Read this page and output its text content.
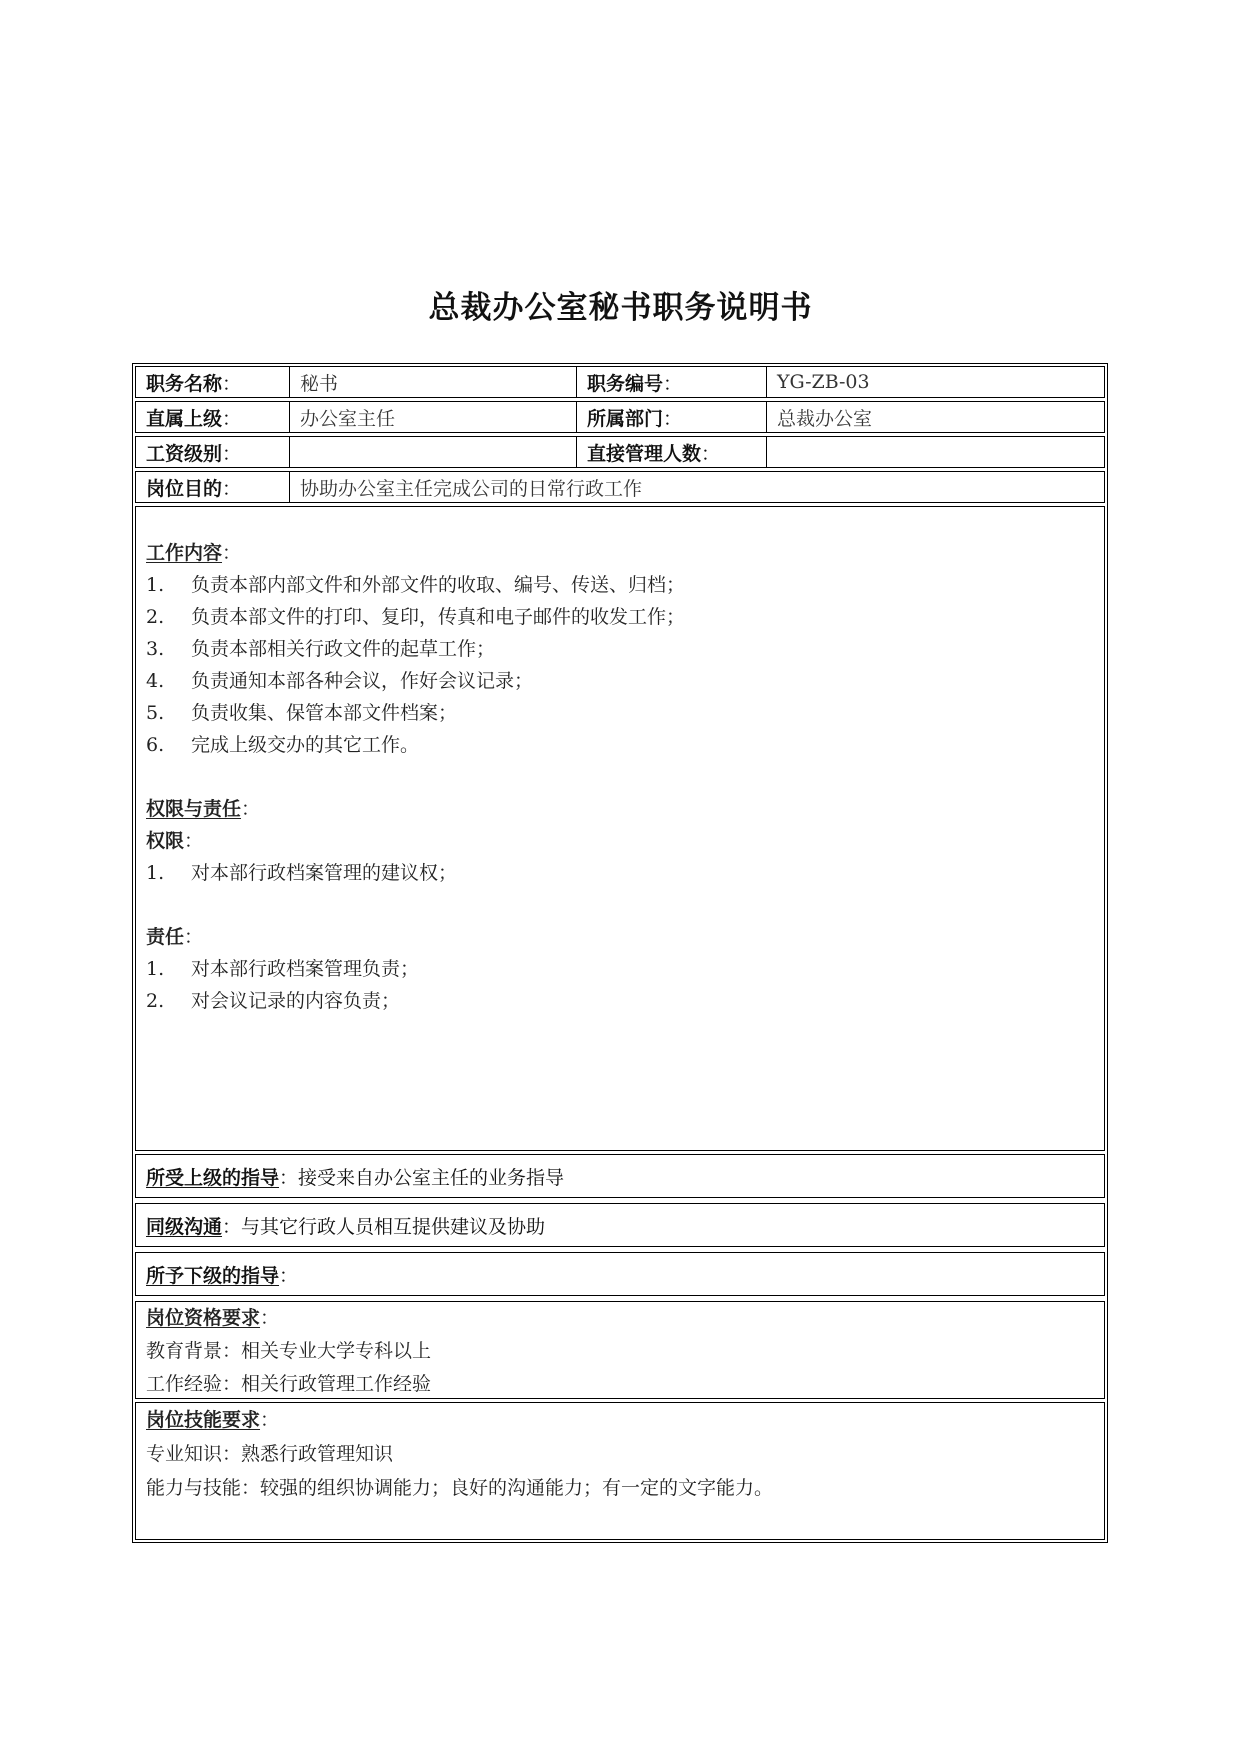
总裁办公室秘书职务说明书
职务名称 ：	秘书	职务编号 ：	YG-ZB-03
直属上级 ：	办公室主任	所属部门 ：	总裁办公室
工资级别 ：	直接管理人数 ：
岗位目的 ：	协助办公室主任完成公司的日常行政工作
工作内容：
1. 负责本部内部文件和外部文件的收取、编号、传送、归档；
2. 负责本部文件的打印、复印，传真和电子邮件的收发工作；
3. 负责本部相关行政文件的起草工作；
4. 负责通知本部各种会议，作好会议记录；
5. 负责收集、保管本部文件档案；
6. 完成上级交办的其它工作。
权限与责任：
权限：
1. 对本部行政档案管理的建议权；
责任：
1. 对本部行政档案管理负责；
2. 对会议记录的内容负责；
所受上级的指导 ： 接受来自办公室主任的业务指导
同级沟通 ： 与其它行政人员相互提供建议及协助
所予下级的指导 ：
岗位资格要求：
教育背景：相关专业大学专科以上
工作经验：相关行政管理工作经验
岗位技能要求：
专业知识：熟悉行政管理知识
能力与技能：较强的组织协调能力；良好的沟通能力；有一定的文字能力。
